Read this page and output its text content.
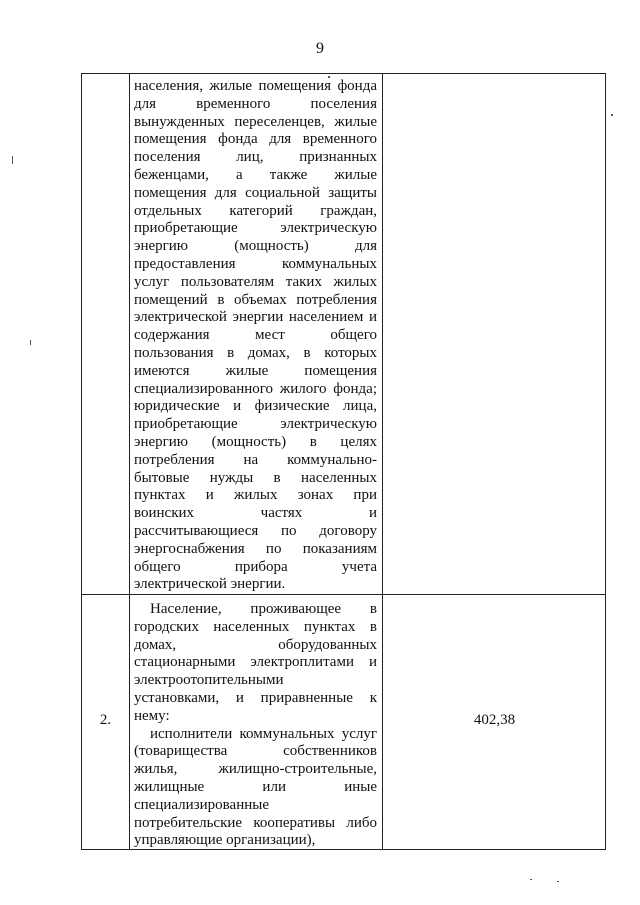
9
населения, жилые помещения фонда
для временного поселения
вынужденных переселенцев, жилые
помещения фонда для временного
поселения лиц, признанных
беженцами, а также жилые
помещения для социальной защиты
отдельных категорий граждан,
приобретающие электрическую
энергию (мощность) для
предоставления коммунальных
услуг пользователям таких жилых
помещений в объемах потребления
электрической энергии населением и
содержания мест общего
пользования в домах, в которых
имеются жилые помещения
специализированного жилого фонда;
юридические и физические лица,
приобретающие электрическую
энергию (мощность) в целях
потребления на коммунально-
бытовые нужды в населенных
пунктах и жилых зонах при
воинских частях и
рассчитывающиеся по договору
энергоснабжения по показаниям
общего прибора учета
электрической энергии.
Население, проживающее в
городских населенных пунктах в
домах, оборудованных
стационарными электроплитами и
электроотопительными
установками, и приравненные к
нему:
исполнители коммунальных услуг
(товарищества собственников
жилья, жилищно-строительные,
жилищные или иные
специализированные
потребительские кооперативы либо
управляющие организации),
2.	402,38
